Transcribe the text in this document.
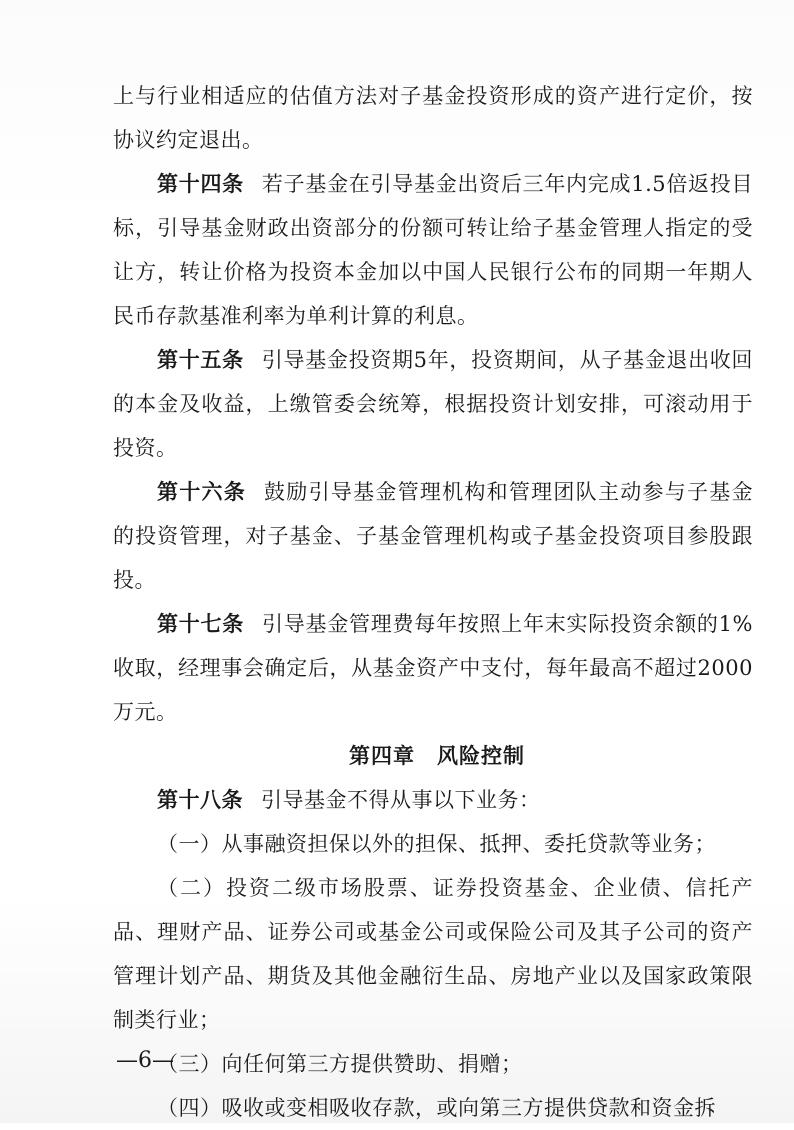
上与行业相适应的估值方法对子基金投资形成的资产进行定价，按协议约定退出。

第十四条 若子基金在引导基金出资后三年内完成1.5倍返投目标，引导基金财政出资部分的份额可转让给子基金管理人指定的受让方，转让价格为投资本金加以中国人民银行公布的同期一年期人民币存款基准利率为单利计算的利息。

第十五条 引导基金投资期5年，投资期间，从子基金退出收回的本金及收益，上缴管委会统筹，根据投资计划安排，可滚动用于投资。

第十六条 鼓励引导基金管理机构和管理团队主动参与子基金的投资管理，对子基金、子基金管理机构或子基金投资项目参股跟投。

第十七条 引导基金管理费每年按照上年末实际投资余额的1%收取，经理事会确定后，从基金资产中支付，每年最高不超过2000万元。

第四章 风险控制

第十八条 引导基金不得从事以下业务：

（一）从事融资担保以外的担保、抵押、委托贷款等业务；

（二）投资二级市场股票、证券投资基金、企业债、信托产品、理财产品、证券公司或基金公司或保险公司及其子公司的资产管理计划产品、期货及其他金融衍生品、房地产业以及国家政策限制类行业；

（三）向任何第三方提供赞助、捐赠；

（四）吸收或变相吸收存款，或向第三方提供贷款和资金拆

—6—
